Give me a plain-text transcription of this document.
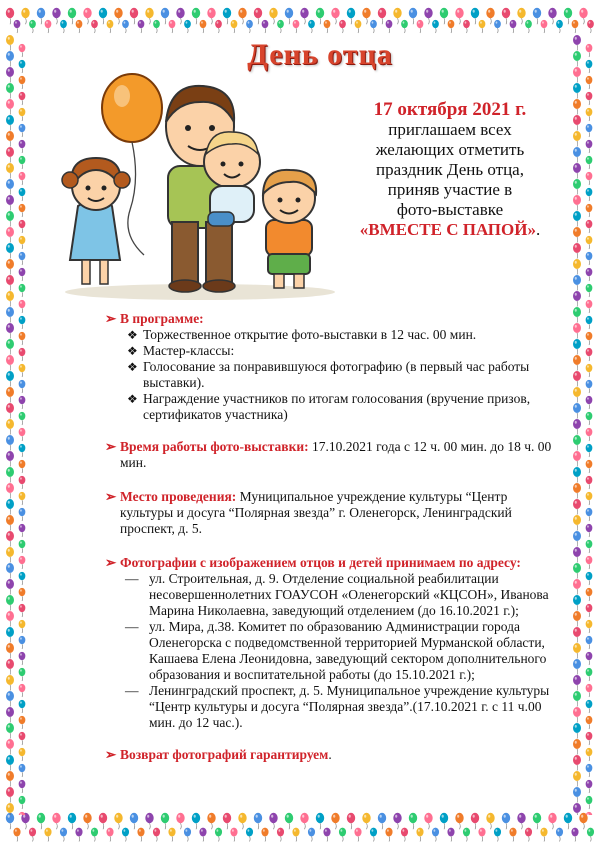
День отца
17 октября 2021 г.
приглашаем всех
желающих отметить
праздник День отца,
приняв участие в
фото-выставке
«ВМЕСТЕ С ПАПОЙ».
➢ В программе:
❖ Торжественное открытие фото-выставки в 12 час. 00 мин.
❖ Мастер-классы:
❖ Голосование за понравившуюся фотографию (в первый час работы выставки).
❖ Награждение участников по итогам голосования (вручение призов, сертификатов участника)
➢ Время работы фото-выставки: 17.10.2021 года с 12 ч. 00 мин. до 18 ч. 00 мин.
➢ Место проведения: Муниципальное учреждение культуры “Центр культуры и досуга “Полярная звезда” г. Оленегорск, Ленинградский проспект, д. 5.
➢ Фотографии с изображением отцов и детей принимаем по адресу:
— ул. Строительная, д. 9. Отделение социальной реабилитации несовершеннолетних ГОАУСОН «Оленегорский «КЦСОН», Иванова Марина Николаевна, заведующий отделением (до 16.10.2021 г.);
— ул. Мира, д.38. Комитет по образованию Администрации города Оленегорска с подведомственной территорией Мурманской области, Кашаева Елена Леонидовна, заведующий сектором дополнительного образования и воспитательной работы (до 15.10.2021 г.);
— Ленинградский проспект, д. 5. Муниципальное учреждение культуры “Центр культуры и досуга “Полярная звезда”.(17.10.2021 г. с 11 ч.00 мин. до 12 час.).
➢ Возврат фотографий гарантируем.
